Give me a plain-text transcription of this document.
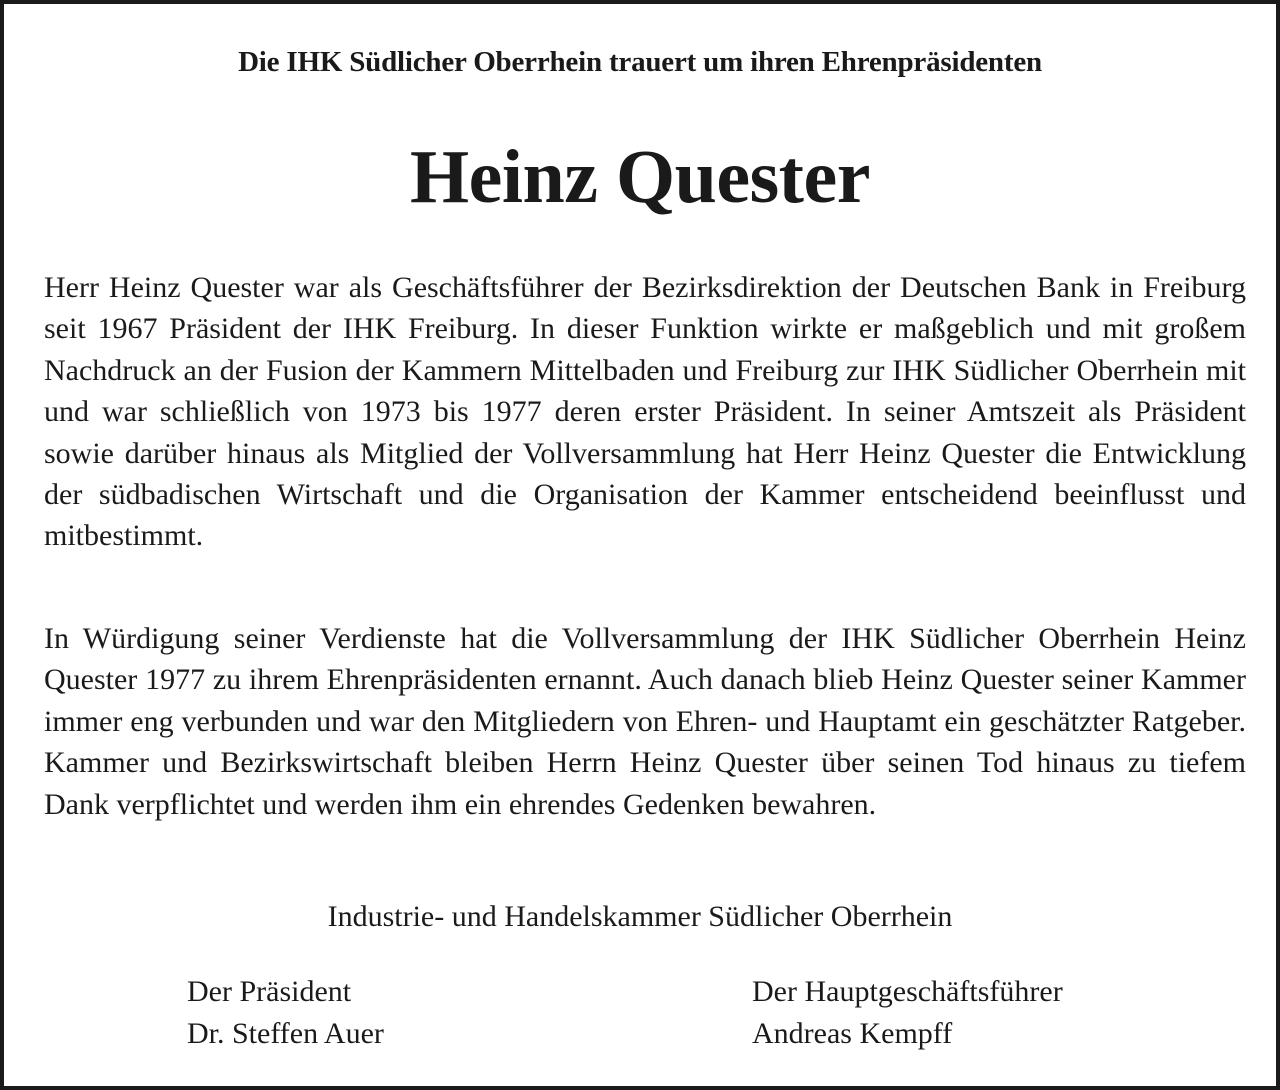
Die IHK Südlicher Oberrhein trauert um ihren Ehrenpräsidenten
Heinz Quester

Herr Heinz Quester war als Geschäftsführer der Bezirksdirektion der Deutschen Bank in Freiburg seit 1967 Präsident der IHK Freiburg. In dieser Funktion wirkte er maßgeblich und mit großem Nachdruck an der Fusion der Kammern Mittelbaden und Freiburg zur IHK Südlicher Oberrhein mit und war schließlich von 1973 bis 1977 deren erster Präsident. In seiner Amtszeit als Präsident sowie darüber hinaus als Mitglied der Vollversammlung hat Herr Heinz Quester die Entwicklung der südbadischen Wirtschaft und die Organisation der Kammer entscheidend beeinflusst und mitbestimmt.

In Würdigung seiner Verdienste hat die Vollversammlung der IHK Südlicher Oberrhein Heinz Quester 1977 zu ihrem Ehrenpräsidenten ernannt. Auch danach blieb Heinz Quester seiner Kammer immer eng verbunden und war den Mitgliedern von Ehren- und Hauptamt ein geschätzter Ratgeber. Kammer und Bezirkswirtschaft bleiben Herrn Heinz Quester über seinen Tod hinaus zu tiefem Dank verpflichtet und werden ihm ein ehrendes Gedenken bewahren.

Industrie- und Handelskammer Südlicher Oberrhein
Der Präsident
Dr. Steffen Auer
Der Hauptgeschäftsführer
Andreas Kempff
